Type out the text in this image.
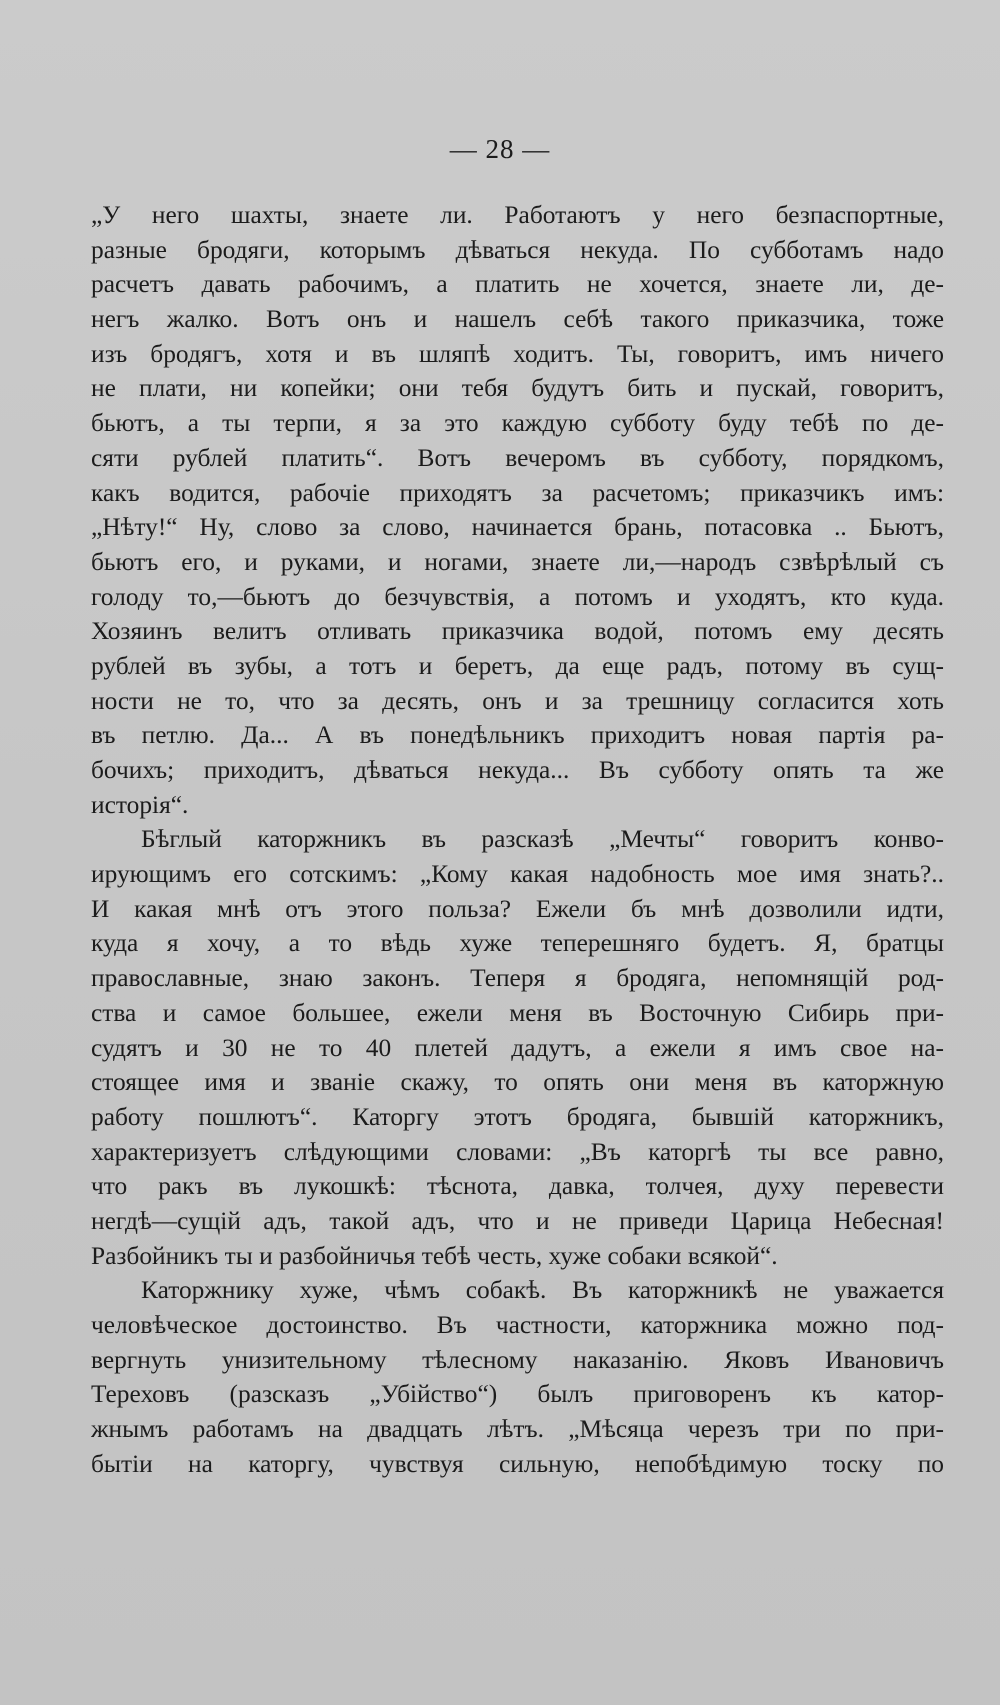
— 28 —
„У него шахты, знаете ли. Работаютъ у него безпаспортные,
разные бродяги, которымъ дѣваться некуда. По субботамъ надо
расчетъ давать рабочимъ, а платить не хочется, знаете ли, де-
негъ жалко. Вотъ онъ и нашелъ себѣ такого приказчика, тоже
изъ бродягъ, хотя и въ шляпѣ ходитъ. Ты, говоритъ, имъ ничего
не плати, ни копейки; они тебя будутъ бить и пускай, говоритъ,
бьютъ, а ты терпи, я за это каждую субботу буду тебѣ по де-
сяти рублей платить“. Вотъ вечеромъ въ субботу, порядкомъ,
какъ водится, рабочіе приходятъ за расчетомъ; приказчикъ имъ:
„Нѣту!“ Ну, слово за слово, начинается брань, потасовка .. Бьютъ,
бьютъ его, и руками, и ногами, знаете ли,—народъ сзвѣрѣлый съ
голоду то,—бьютъ до безчувствія, а потомъ и уходятъ, кто куда.
Хозяинъ велитъ отливать приказчика водой, потомъ ему десять
рублей въ зубы, а тотъ и беретъ, да еще радъ, потому въ сущ-
ности не то, что за десять, онъ и за трешницу согласится хоть
въ петлю. Да... А въ понедѣльникъ приходитъ новая партія ра-
бочихъ; приходитъ, дѣваться некуда... Въ субботу опять та же
исторія“.
Бѣглый каторжникъ въ разсказѣ „Мечты“ говоритъ конво-
ирующимъ его сотскимъ: „Кому какая надобность мое имя знать?..
И какая мнѣ отъ этого польза? Ежели бъ мнѣ дозволили идти,
куда я хочу, а то вѣдь хуже теперешняго будетъ. Я, братцы
православные, знаю законъ. Теперя я бродяга, непомнящій род-
ства и самое большее, ежели меня въ Восточную Сибирь при-
судятъ и 30 не то 40 плетей дадутъ, а ежели я имъ свое на-
стоящее имя и званіе скажу, то опять они меня въ каторжную
работу пошлютъ“. Каторгу этотъ бродяга, бывшій каторжникъ,
характеризуетъ слѣдующими словами: „Въ каторгѣ ты все равно,
что ракъ въ лукошкѣ: тѣснота, давка, толчея, духу перевести
негдѣ—сущій адъ, такой адъ, что и не приведи Царица Небесная!
Разбойникъ ты и разбойничья тебѣ честь, хуже собаки всякой“.
Каторжнику хуже, чѣмъ собакѣ. Въ каторжникѣ не уважается
человѣческое достоинство. Въ частности, каторжника можно под-
вергнуть унизительному тѣлесному наказанію. Яковъ Ивановичъ
Тереховъ (разсказъ „Убійство“) былъ приговоренъ къ катор-
жнымъ работамъ на двадцать лѣтъ. „Мѣсяца черезъ три по при-
бытіи на каторгу, чувствуя сильную, непобѣдимую тоску по
